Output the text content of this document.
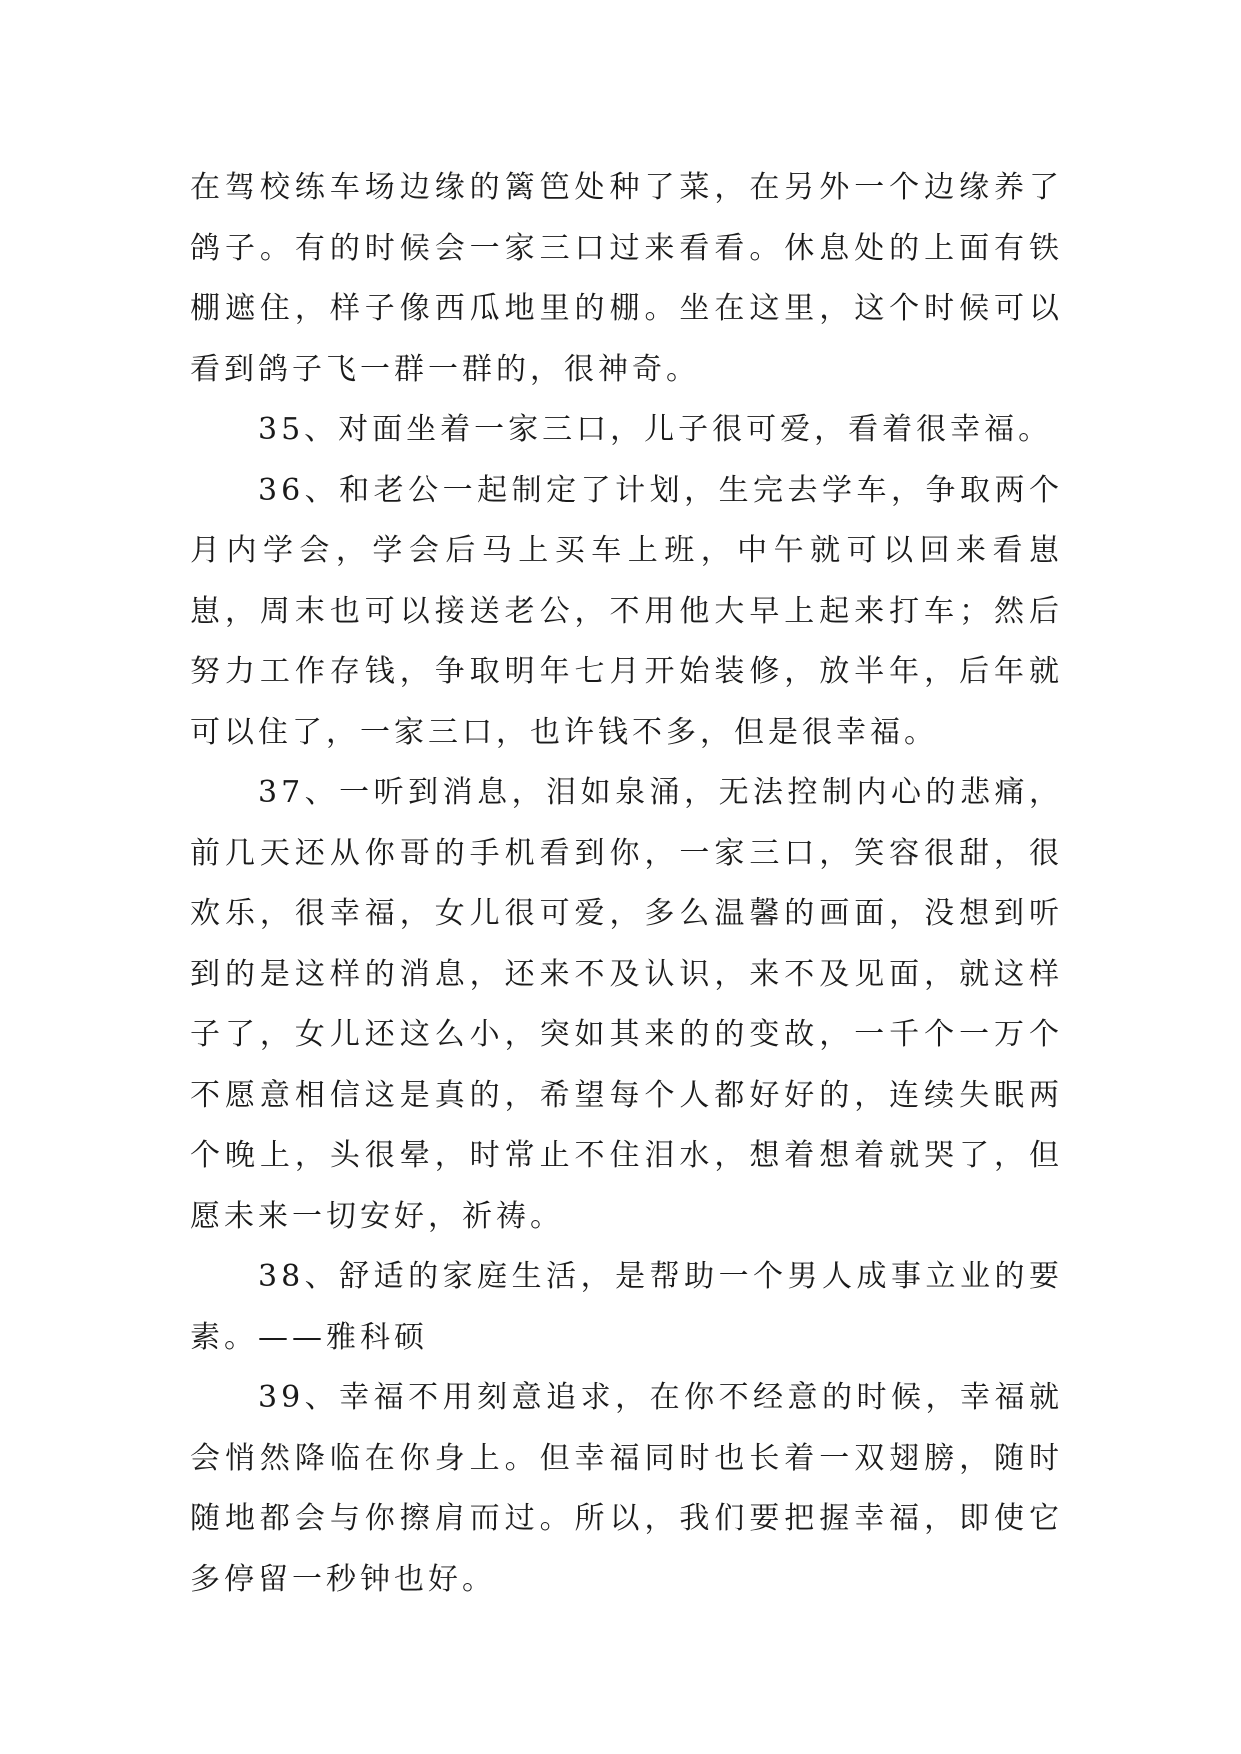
在驾校练车场边缘的篱笆处种了菜，在另外一个边缘养了鸽子。有的时候会一家三口过来看看。休息处的上面有铁棚遮住，样子像西瓜地里的棚。坐在这里，这个时候可以看到鸽子飞一群一群的，很神奇。

35、对面坐着一家三口，儿子很可爱，看着很幸福。

36、和老公一起制定了计划，生完去学车，争取两个月内学会，学会后马上买车上班，中午就可以回来看崽崽，周末也可以接送老公，不用他大早上起来打车；然后努力工作存钱，争取明年七月开始装修，放半年，后年就可以住了，一家三口，也许钱不多，但是很幸福。

37、一听到消息，泪如泉涌，无法控制内心的悲痛，前几天还从你哥的手机看到你，一家三口，笑容很甜，很欢乐，很幸福，女儿很可爱，多么温馨的画面，没想到听到的是这样的消息，还来不及认识，来不及见面，就这样子了，女儿还这么小，突如其来的的变故，一千个一万个不愿意相信这是真的，希望每个人都好好的，连续失眠两个晚上，头很晕，时常止不住泪水，想着想着就哭了，但愿未来一切安好，祈祷。

38、舒适的家庭生活，是帮助一个男人成事立业的要素。——雅科硕

39、幸福不用刻意追求，在你不经意的时候，幸福就会悄然降临在你身上。但幸福同时也长着一双翅膀，随时随地都会与你擦肩而过。所以，我们要把握幸福，即使它多停留一秒钟也好。
